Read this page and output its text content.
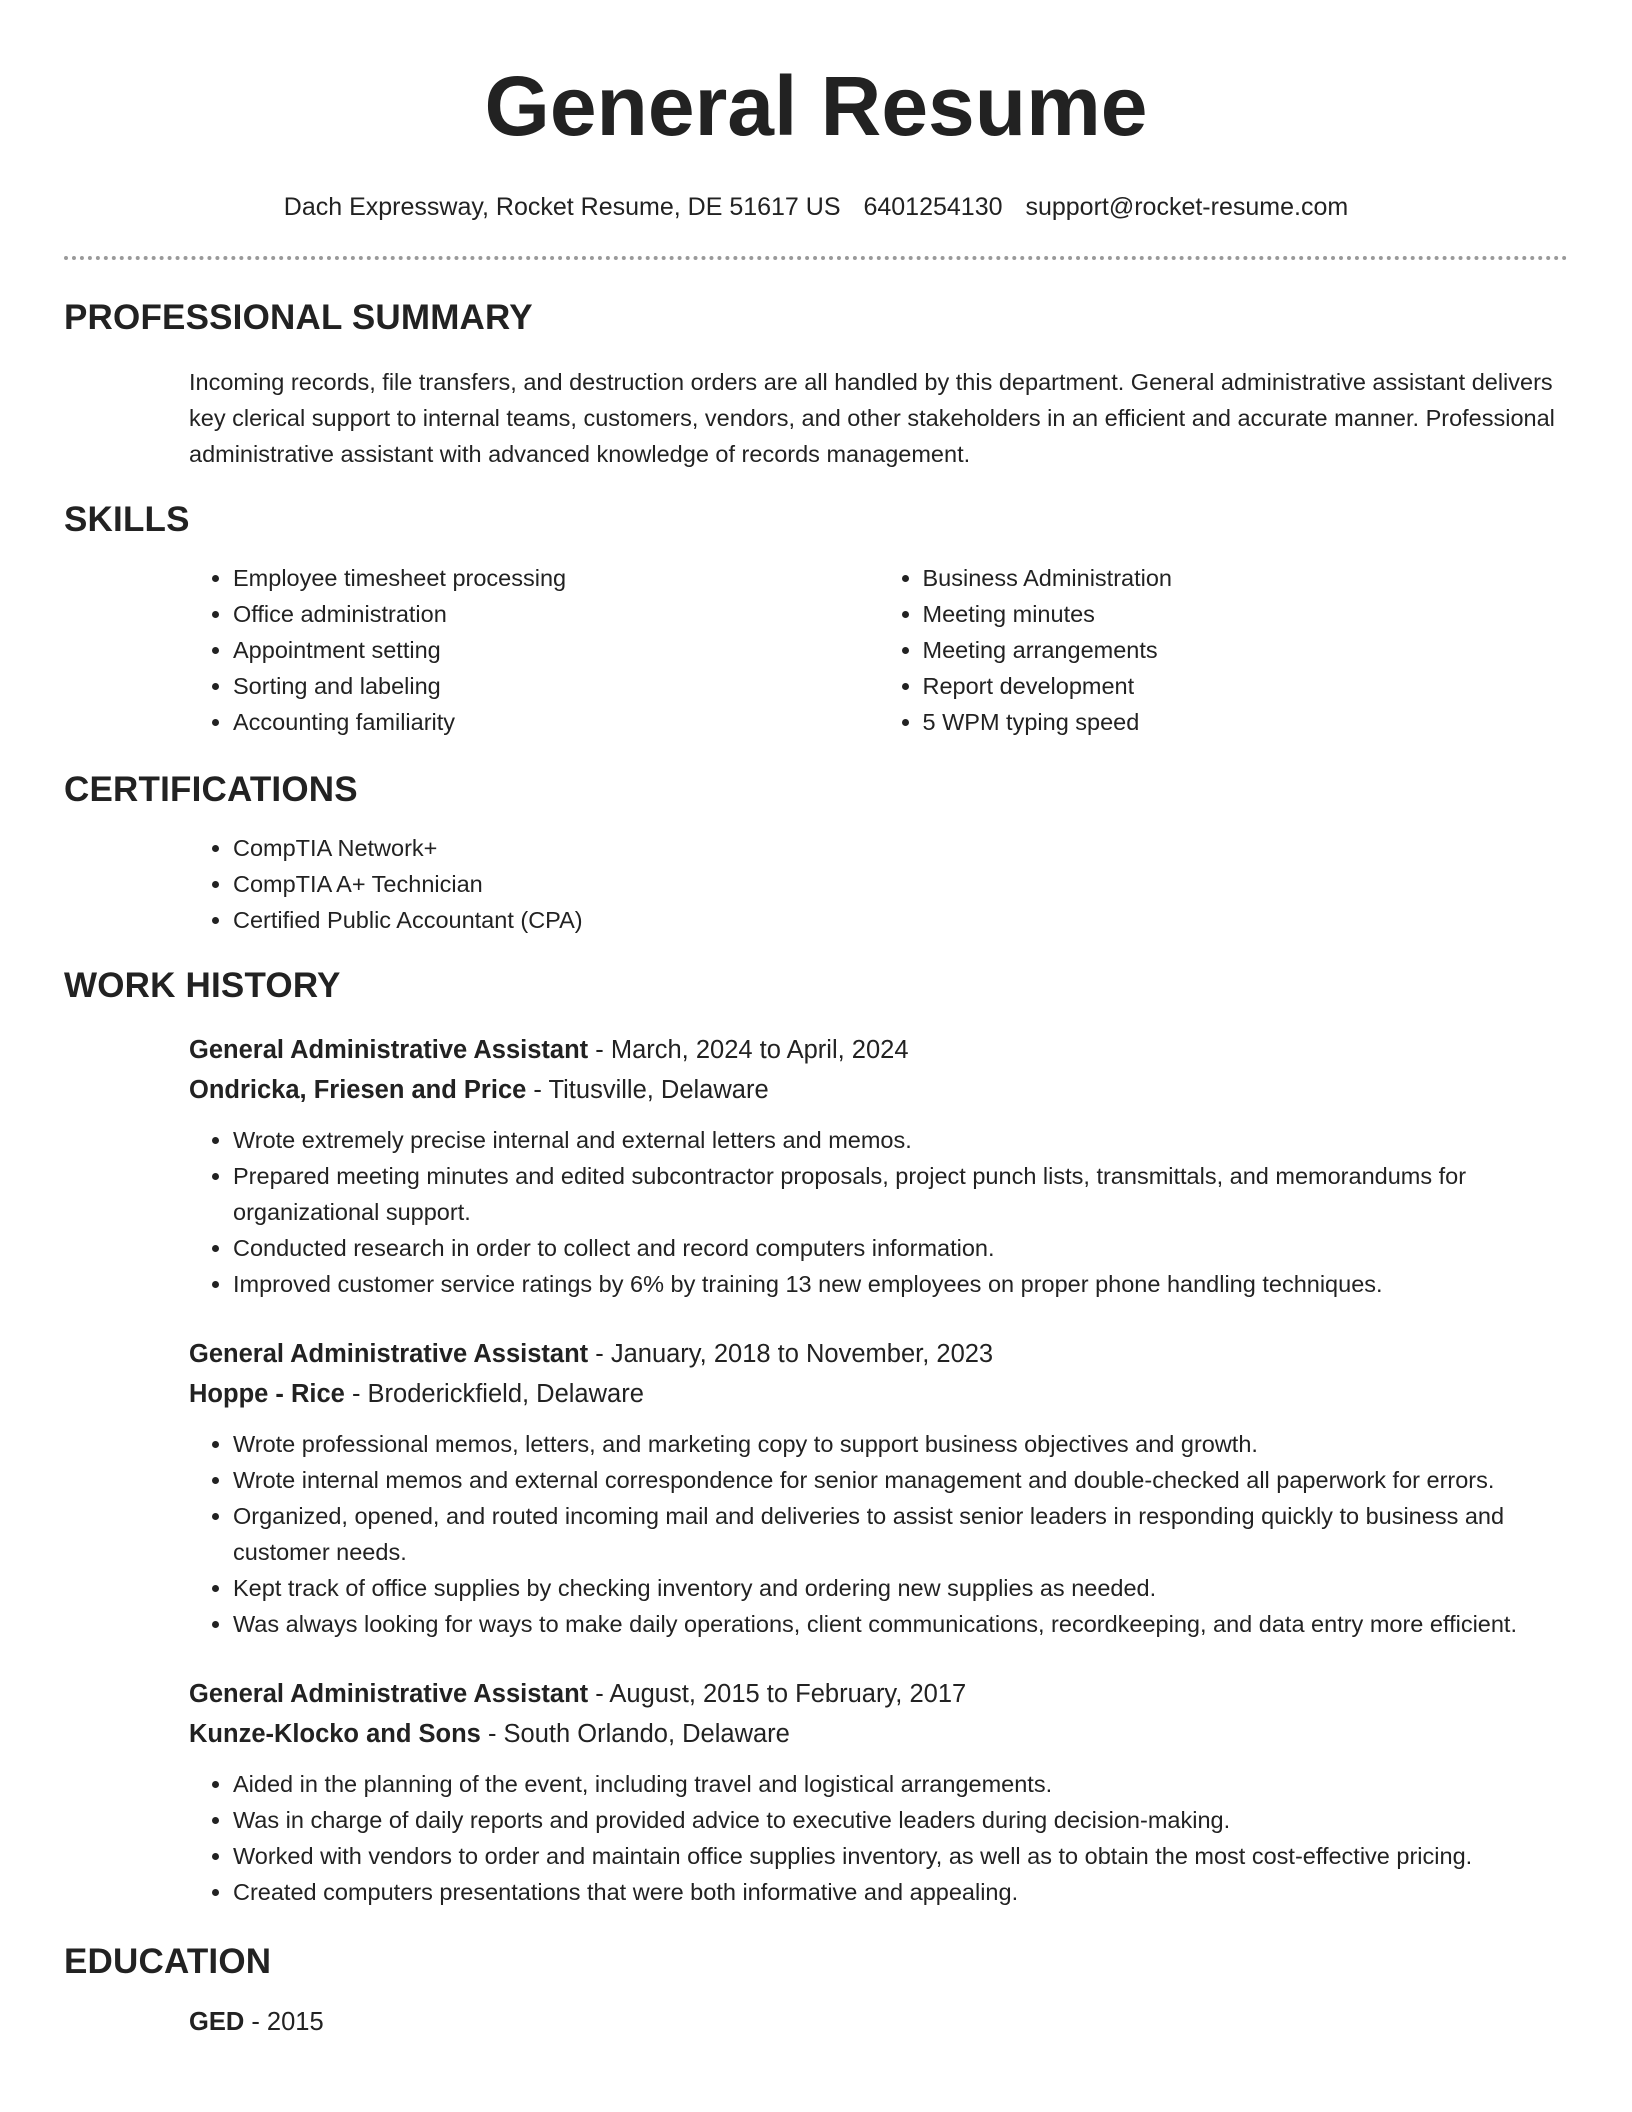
General Resume
Dach Expressway, Rocket Resume, DE 51617 US 6401254130 support@rocket-resume.com
PROFESSIONAL SUMMARY

Incoming records, file transfers, and destruction orders are all handled by this department. General administrative assistant delivers key clerical support to internal teams, customers, vendors, and other stakeholders in an efficient and accurate manner. Professional administrative assistant with advanced knowledge of records management.

SKILLS
• Employee timesheet processing
• Office administration
• Appointment setting
• Sorting and labeling
• Accounting familiarity
• Business Administration
• Meeting minutes
• Meeting arrangements
• Report development
• 5 WPM typing speed
CERTIFICATIONS
• CompTIA Network+
• CompTIA A+ Technician
• Certified Public Accountant (CPA)
WORK HISTORY
General Administrative Assistant - March, 2024 to April, 2024
Ondricka, Friesen and Price - Titusville, Delaware
• Wrote extremely precise internal and external letters and memos.
• Prepared meeting minutes and edited subcontractor proposals, project punch lists, transmittals, and memorandums for organizational support.
• Conducted research in order to collect and record computers information.
• Improved customer service ratings by 6% by training 13 new employees on proper phone handling techniques.
General Administrative Assistant - January, 2018 to November, 2023
Hoppe - Rice - Broderickfield, Delaware
• Wrote professional memos, letters, and marketing copy to support business objectives and growth.
• Wrote internal memos and external correspondence for senior management and double-checked all paperwork for errors.
• Organized, opened, and routed incoming mail and deliveries to assist senior leaders in responding quickly to business and customer needs.
• Kept track of office supplies by checking inventory and ordering new supplies as needed.
• Was always looking for ways to make daily operations, client communications, recordkeeping, and data entry more efficient.
General Administrative Assistant - August, 2015 to February, 2017
Kunze-Klocko and Sons - South Orlando, Delaware
• Aided in the planning of the event, including travel and logistical arrangements.
• Was in charge of daily reports and provided advice to executive leaders during decision-making.
• Worked with vendors to order and maintain office supplies inventory, as well as to obtain the most cost-effective pricing.
• Created computers presentations that were both informative and appealing.
EDUCATION
GED - 2015
